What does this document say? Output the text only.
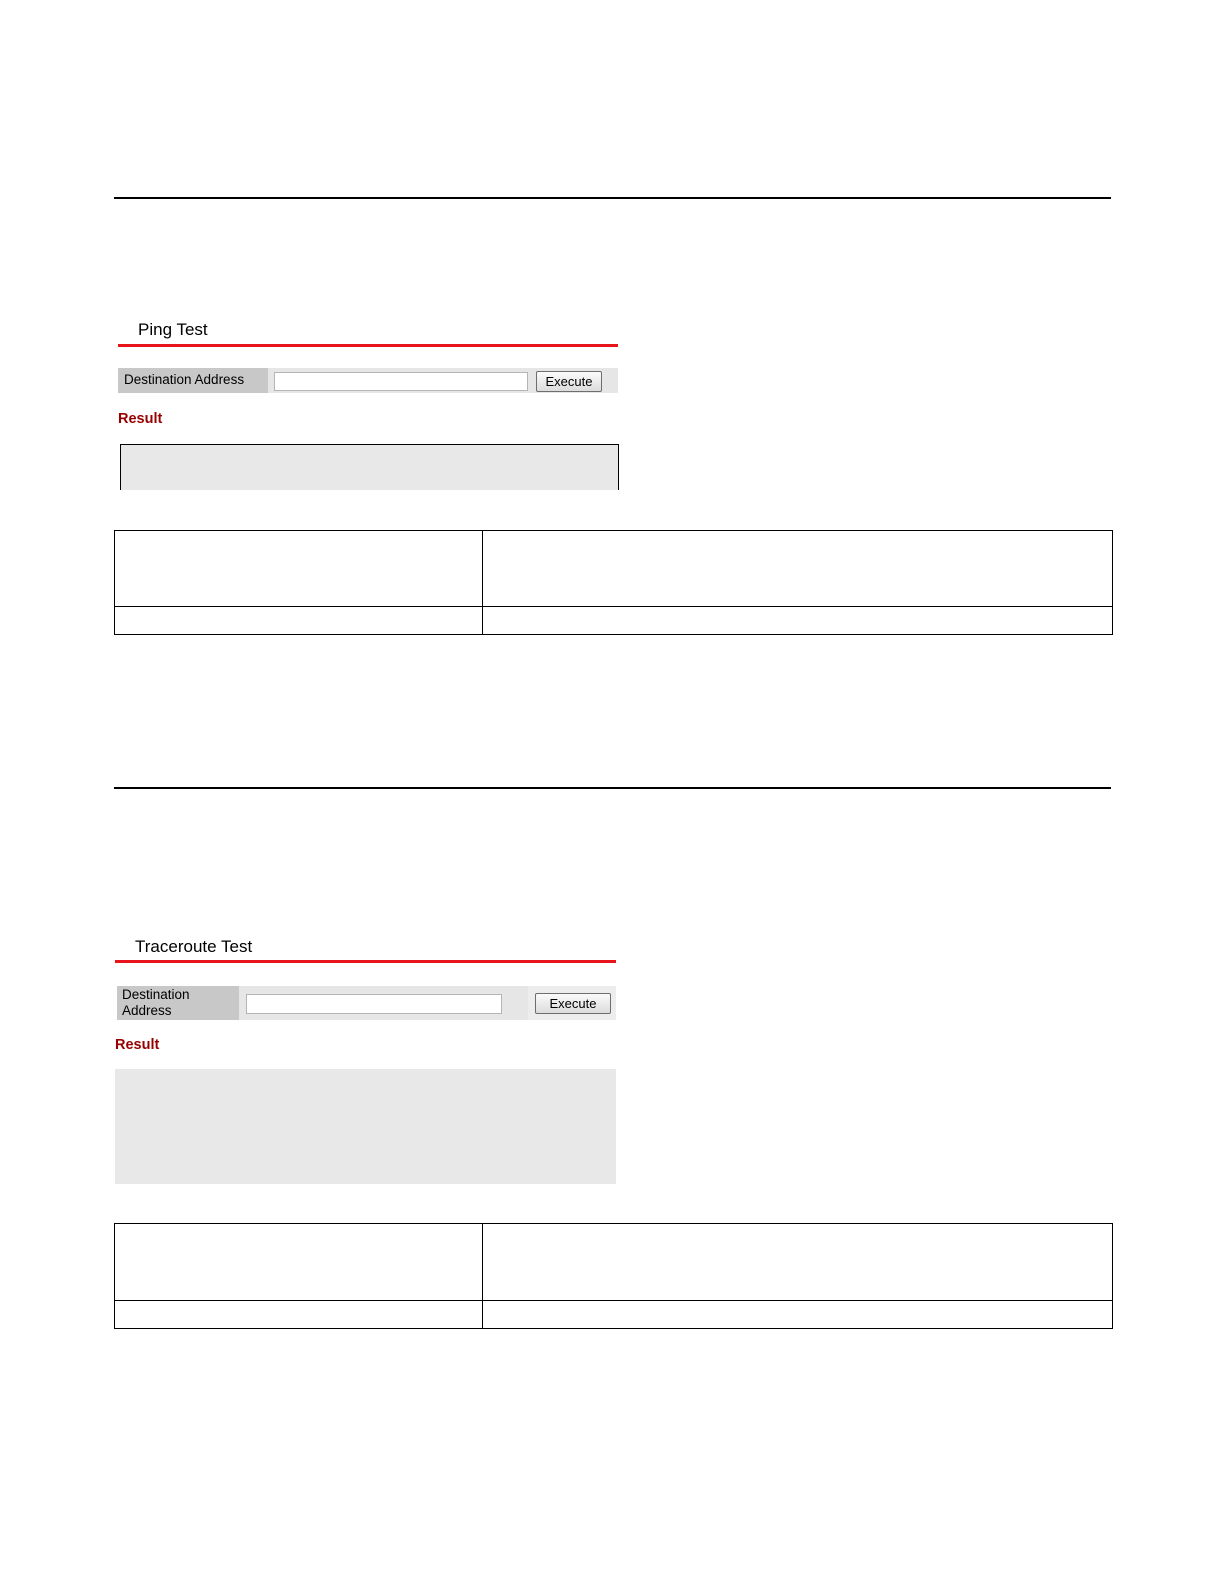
Ping Test
Destination Address	Execute
Result

Traceroute Test
Destination Address	Execute
Result
